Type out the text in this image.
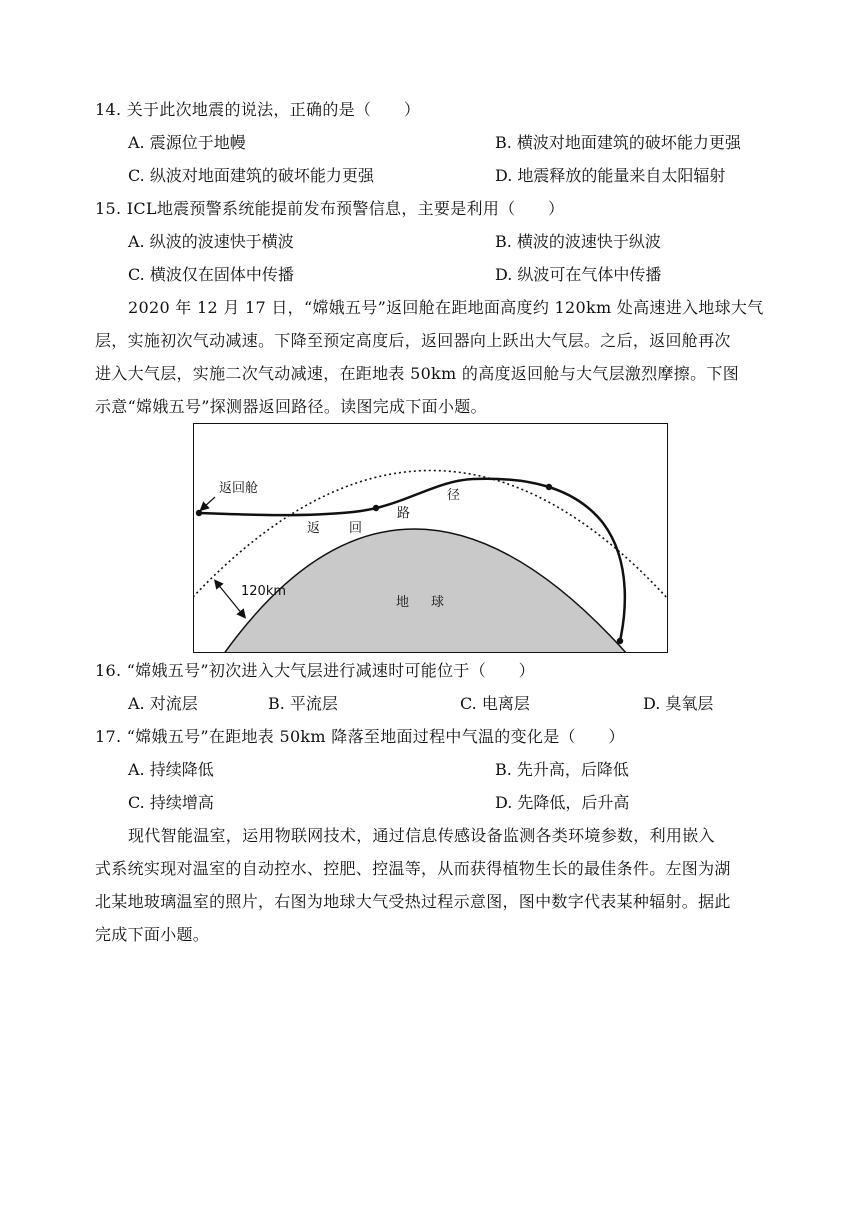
14. 关于此次地震的说法，正确的是（　　）
A. 震源位于地幔	B. 横波对地面建筑的破坏能力更强
C. 纵波对地面建筑的破坏能力更强	D. 地震释放的能量来自太阳辐射
15. ICL地震预警系统能提前发布预警信息，主要是利用（　　）
A. 纵波的波速快于横波	B. 横波的波速快于纵波
C. 横波仅在固体中传播	D. 纵波可在气体中传播
2020 年 12 月 17 日，“嫦娥五号”返回舱在距地面高度约 120km 处高速进入地球大气
层，实施初次气动减速。下降至预定高度后，返回器向上跃出大气层。之后，返回舱再次
进入大气层，实施二次气动减速，在距地表 50km 的高度返回舱与大气层激烈摩擦。下图
示意“嫦娥五号”探测器返回路径。读图完成下面小题。
返回舱
返 回
路
径
120km
地 球
16. “嫦娥五号”初次进入大气层进行减速时可能位于（　　）
A. 对流层	B. 平流层	C. 电离层	D. 臭氧层
17. “嫦娥五号”在距地表 50km 降落至地面过程中气温的变化是（　　）
A. 持续降低	B. 先升高，后降低
C. 持续增高	D. 先降低，后升高
现代智能温室，运用物联网技术，通过信息传感设备监测各类环境参数，利用嵌入
式系统实现对温室的自动控水、控肥、控温等，从而获得植物生长的最佳条件。左图为湖
北某地玻璃温室的照片，右图为地球大气受热过程示意图，图中数字代表某种辐射。据此
完成下面小题。
